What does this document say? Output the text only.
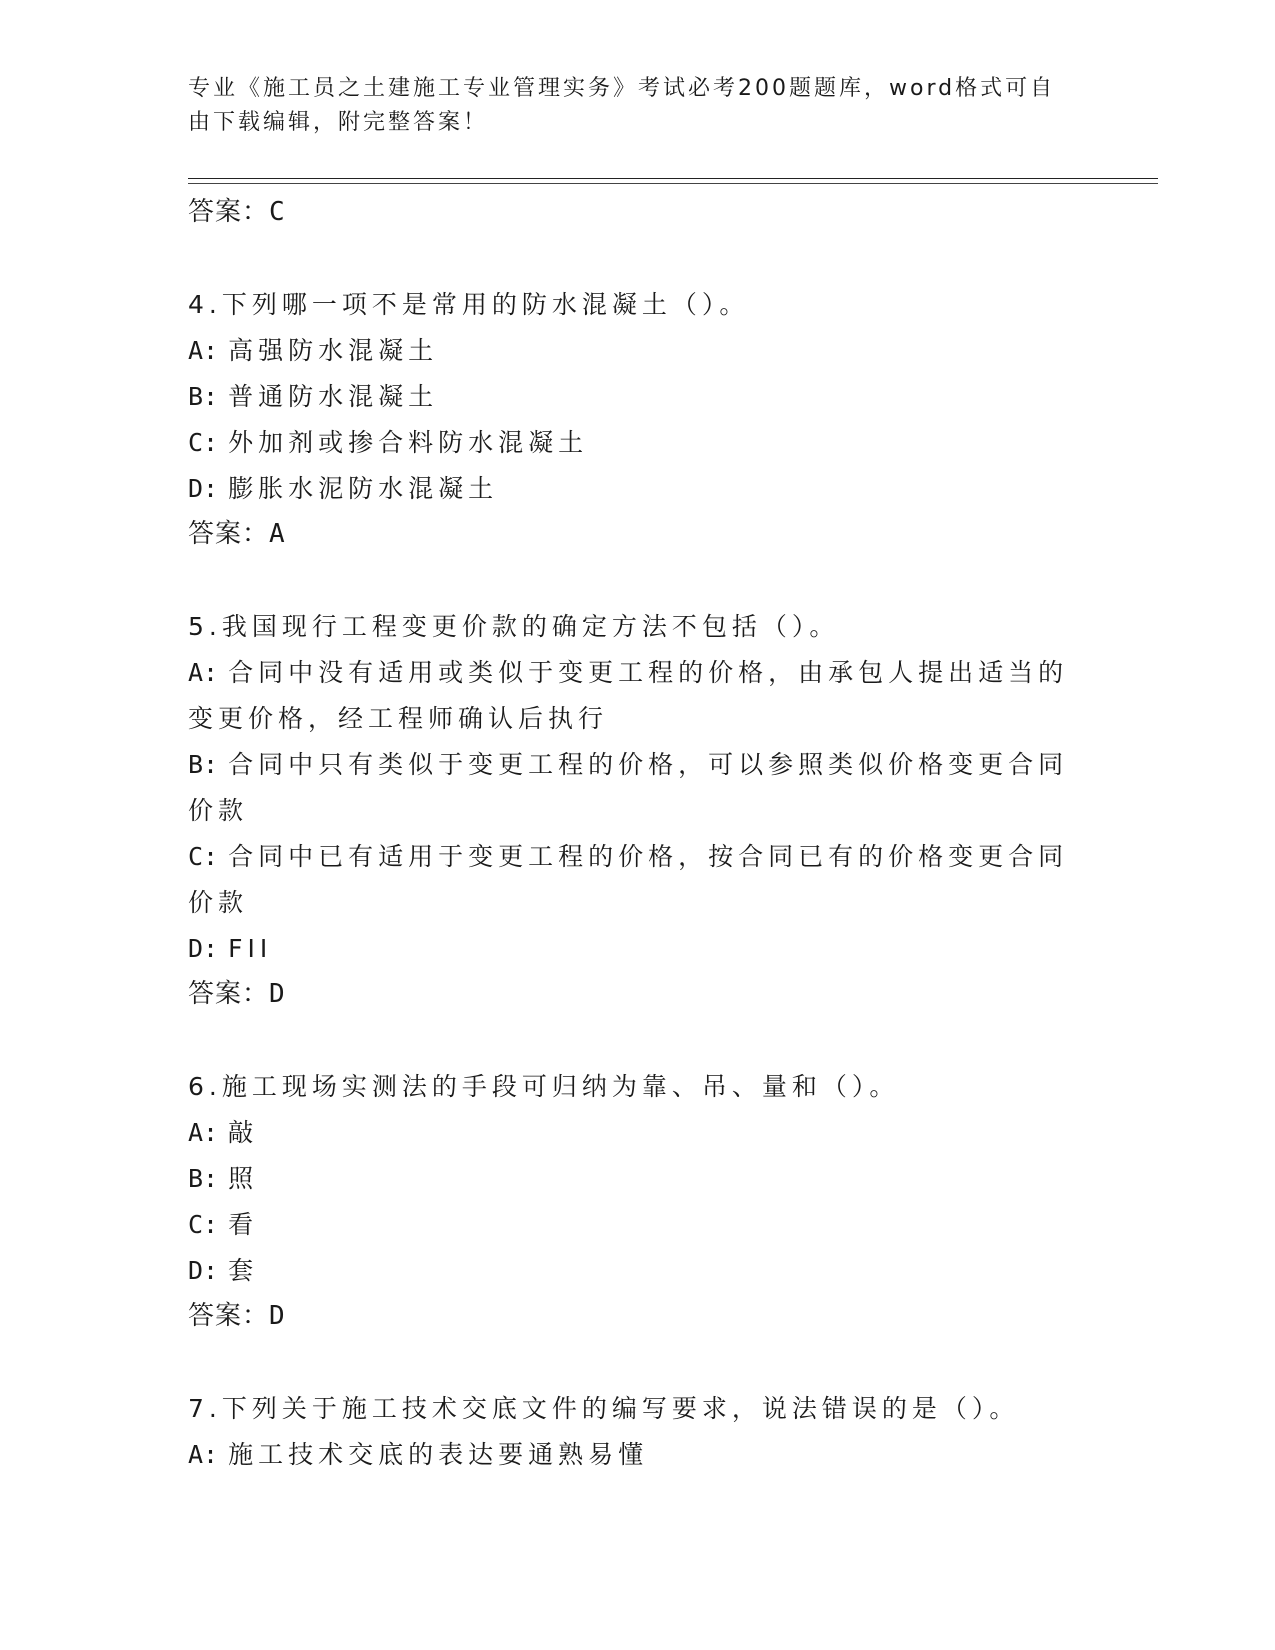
专业《施工员之土建施工专业管理实务》考试必考200题题库，word格式可自由下载编辑，附完整答案！
答案： C
4.下列哪一项不是常用的防水混凝土（）。
A: 高强防水混凝土
B: 普通防水混凝土
C: 外加剂或掺合料防水混凝土
D: 膨胀水泥防水混凝土
答案： A
5.我国现行工程变更价款的确定方法不包括（）。
A: 合同中没有适用或类似于变更工程的价格，由承包人提出适当的变更价格，经工程师确认后执行
B: 合同中只有类似于变更工程的价格，可以参照类似价格变更合同价款
C: 合同中已有适用于变更工程的价格，按合同已有的价格变更合同价款
D: FII
答案： D
6.施工现场实测法的手段可归纳为靠、吊、量和（）。
A: 敲
B: 照
C: 看
D: 套
答案： D
7.下列关于施工技术交底文件的编写要求，说法错误的是（）。
A: 施工技术交底的表达要通熟易懂
